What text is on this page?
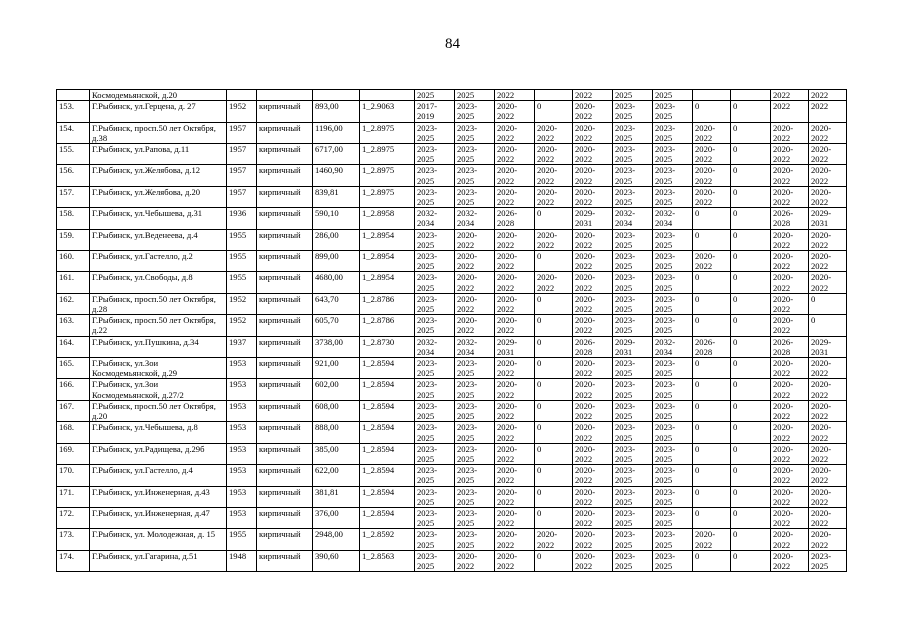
84
	Космодемьянской, д.20					2025	2025	2022		2022	2025	2025			2022	2022
153.	Г.Рыбинск, ул.Герцена, д. 27	1952	кирпичный	893,00	1_2.9063	2017-2019	2023-2025	2020-2022	0	2020-2022	2023-2025	2023-2025	0	0	2022	2022
154.	Г.Рыбинск, просп.50 лет Октября, д.38	1957	кирпичный	1196,00	1_2.8975	2023-2025	2023-2025	2020-2022	2020-2022	2020-2022	2023-2025	2023-2025	2020-2022	0	2020-2022	2020-2022
155.	Г.Рыбинск, ул.Рапова, д.11	1957	кирпичный	6717,00	1_2.8975	2023-2025	2023-2025	2020-2022	2020-2022	2020-2022	2023-2025	2023-2025	2020-2022	0	2020-2022	2020-2022
156.	Г.Рыбинск, ул.Желябова, д.12	1957	кирпичный	1460,90	1_2.8975	2023-2025	2023-2025	2020-2022	2020-2022	2020-2022	2023-2025	2023-2025	2020-2022	0	2020-2022	2020-2022
157.	Г.Рыбинск, ул.Желябова, д.20	1957	кирпичный	839,81	1_2.8975	2023-2025	2023-2025	2020-2022	2020-2022	2020-2022	2023-2025	2023-2025	2020-2022	0	2020-2022	2020-2022
158.	Г.Рыбинск, ул.Чебышева, д.31	1936	кирпичный	590,10	1_2.8958	2032-2034	2032-2034	2026-2028	0	2029-2031	2032-2034	2032-2034	0	0	2026-2028	2029-2031
159.	Г.Рыбинск, ул.Веденеева, д.4	1955	кирпичный	286,00	1_2.8954	2023-2025	2020-2022	2020-2022	2020-2022	2020-2022	2023-2025	2023-2025	0	0	2020-2022	2020-2022
160.	Г.Рыбинск, ул.Гастелло, д.2	1955	кирпичный	899,00	1_2.8954	2023-2025	2020-2022	2020-2022	0	2020-2022	2023-2025	2023-2025	2020-2022	0	2020-2022	2020-2022
161.	Г.Рыбинск, ул.Свободы, д.8	1955	кирпичный	4680,00	1_2.8954	2023-2025	2020-2022	2020-2022	2020-2022	2020-2022	2023-2025	2023-2025	0	0	2020-2022	2020-2022
162.	Г.Рыбинск, просп.50 лет Октября, д.28	1952	кирпичный	643,70	1_2.8786	2023-2025	2020-2022	2020-2022	0	2020-2022	2023-2025	2023-2025	0	0	2020-2022	0
163.	Г.Рыбинск, просп.50 лет Октября, д.22	1952	кирпичный	605,70	1_2.8786	2023-2025	2020-2022	2020-2022	0	2020-2022	2023-2025	2023-2025	0	0	2020-2022	0
164.	Г.Рыбинск, ул.Пушкина, д.34	1937	кирпичный	3738,00	1_2.8730	2032-2034	2032-2034	2029-2031	0	2026-2028	2029-2031	2032-2034	2026-2028	0	2026-2028	2029-2031
165.	Г.Рыбинск, ул.Зои Космодемьянской, д.29	1953	кирпичный	921,00	1_2.8594	2023-2025	2023-2025	2020-2022	0	2020-2022	2023-2025	2023-2025	0	0	2020-2022	2020-2022
166.	Г.Рыбинск, ул.Зои Космодемьянской, д.27/2	1953	кирпичный	602,00	1_2.8594	2023-2025	2023-2025	2020-2022	0	2020-2022	2023-2025	2023-2025	0	0	2020-2022	2020-2022
167.	Г.Рыбинск, просп.50 лет Октября, д.20	1953	кирпичный	608,00	1_2.8594	2023-2025	2023-2025	2020-2022	0	2020-2022	2023-2025	2023-2025	0	0	2020-2022	2020-2022
168.	Г.Рыбинск, ул.Чебышева, д.8	1953	кирпичный	888,00	1_2.8594	2023-2025	2023-2025	2020-2022	0	2020-2022	2023-2025	2023-2025	0	0	2020-2022	2020-2022
169.	Г.Рыбинск, ул.Радищева, д.29б	1953	кирпичный	385,00	1_2.8594	2023-2025	2023-2025	2020-2022	0	2020-2022	2023-2025	2023-2025	0	0	2020-2022	2020-2022
170.	Г.Рыбинск, ул.Гастелло, д.4	1953	кирпичный	622,00	1_2.8594	2023-2025	2023-2025	2020-2022	0	2020-2022	2023-2025	2023-2025	0	0	2020-2022	2020-2022
171.	Г.Рыбинск, ул.Инженерная, д.43	1953	кирпичный	381,81	1_2.8594	2023-2025	2023-2025	2020-2022	0	2020-2022	2023-2025	2023-2025	0	0	2020-2022	2020-2022
172.	Г.Рыбинск, ул.Инженерная, д.47	1953	кирпичный	376,00	1_2.8594	2023-2025	2023-2025	2020-2022	0	2020-2022	2023-2025	2023-2025	0	0	2020-2022	2020-2022
173.	Г.Рыбинск, ул. Молодежная, д. 15	1955	кирпичный	2948,00	1_2.8592	2023-2025	2023-2025	2020-2022	2020-2022	2020-2022	2023-2025	2023-2025	2020-2022	0	2020-2022	2020-2022
174.	Г.Рыбинск, ул.Гагарина, д.51	1948	кирпичный	390,60	1_2.8563	2023-2025	2020-2022	2020-2022	0	2020-2022	2023-2025	2023-2025	0	0	2020-2022	2023-2025
